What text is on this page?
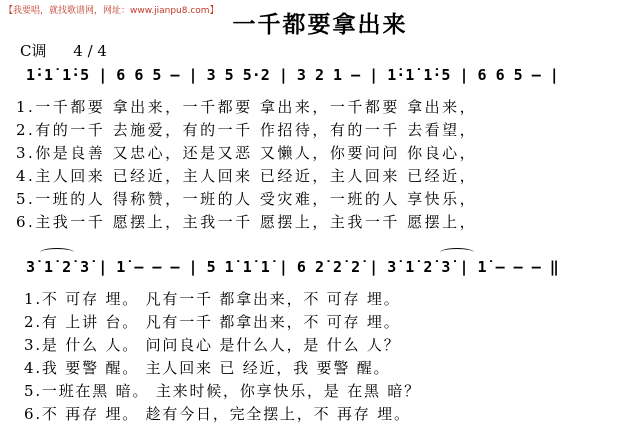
【我要唱，就找歌谱网，网址：www.jianpu8.com】 一千都要拿出来
C调 4 / 4
1̇·1̇ 1̇·5 | 6 6 5 – | 3 5 5·2 | 3 2 1 – | 1̇·1̇ 1̇·5 | 6 6 5 – |
1.一千都要 拿出来，一千都要 拿出来，一千都要 拿出来，
2.有的一千 去施爱，有的一千 作招待，有的一千 去看望，
3.你是良善 又忠心，还是又恶 又懒人，你要问问 你良心，
4.主人回来 已经近，主人回来 已经近，主人回来 已经近，
5.一班的人 得称赞，一班的人 受灾难，一班的人 享快乐，
6.主我一千 愿摆上，主我一千 愿摆上，主我一千 愿摆上，
3̇ 1̇ 2̇ 3̇ | 1̇ – – – | 5 1̇ 1̇ 1̇ | 6 2̇ 2̇ 2̇ | 3̇ 1̇ 2̇ 3̇ | 1̇ – – – ‖
1.不 可存 埋。 凡有一千 都拿出来，不 可存 埋。
2.有 上讲 台。 凡有一千 都拿出来，不 可存 埋。
3.是 什么 人。 问问良心 是什么人，是 什么 人？
4.我 要警 醒。 主人回来 已 经近，我 要警 醒。
5.一班在黑 暗。 主来时候，你享快乐，是 在黑 暗？
6.不 再存 埋。 趁有今日，完全摆上，不 再存 埋。
